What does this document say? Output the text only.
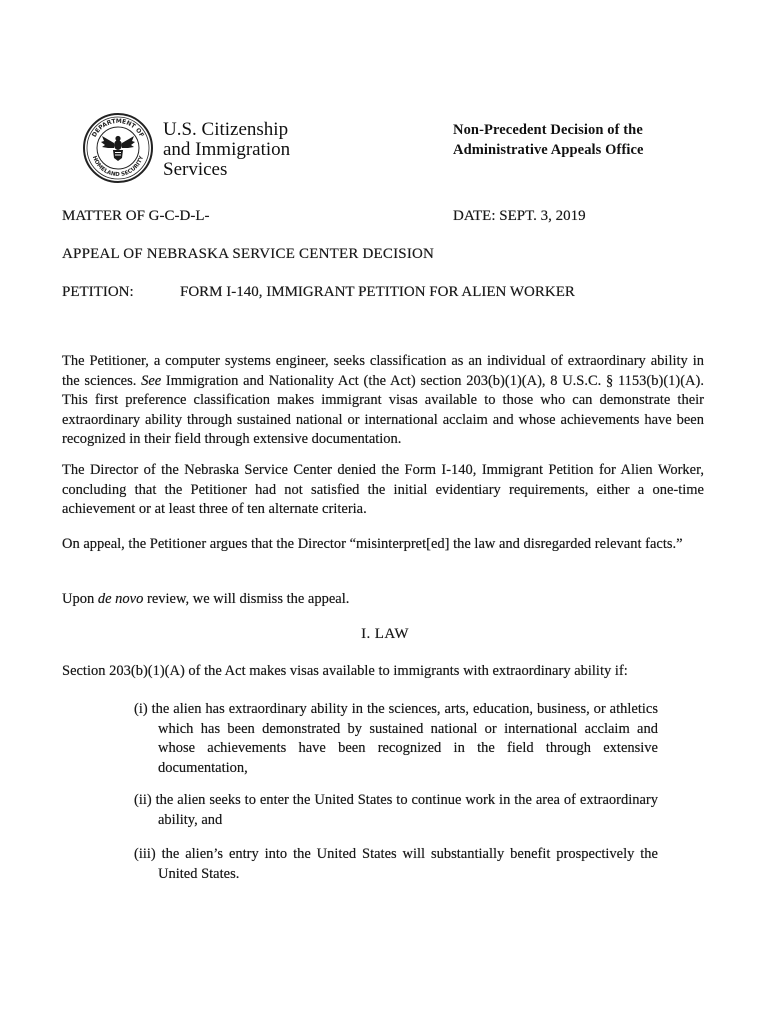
DEPARTMENT OF
HOMELAND SECURITY
U.S. Citizenship
and Immigration
Services
Non-Precedent Decision of the
Administrative Appeals Office
MATTER OF G-C-D-L-	DATE: SEPT. 3, 2019
APPEAL OF NEBRASKA SERVICE CENTER DECISION
PETITION:	FORM I-140, IMMIGRANT PETITION FOR ALIEN WORKER
The Petitioner, a computer systems engineer, seeks classification as an individual of extraordinary ability in the sciences. See Immigration and Nationality Act (the Act) section 203(b)(1)(A), 8 U.S.C. § 1153(b)(1)(A). This first preference classification makes immigrant visas available to those who can demonstrate their extraordinary ability through sustained national or international acclaim and whose achievements have been recognized in their field through extensive documentation.
The Director of the Nebraska Service Center denied the Form I-140, Immigrant Petition for Alien Worker, concluding that the Petitioner had not satisfied the initial evidentiary requirements, either a one-time achievement or at least three of ten alternate criteria.
On appeal, the Petitioner argues that the Director “misinterpret[ed] the law and disregarded relevant facts.”
Upon de novo review, we will dismiss the appeal.
I. LAW
Section 203(b)(1)(A) of the Act makes visas available to immigrants with extraordinary ability if:
(i) the alien has extraordinary ability in the sciences, arts, education, business, or athletics which has been demonstrated by sustained national or international acclaim and whose achievements have been recognized in the field through extensive documentation,
(ii) the alien seeks to enter the United States to continue work in the area of extraordinary ability, and
(iii) the alien’s entry into the United States will substantially benefit prospectively the United States.
